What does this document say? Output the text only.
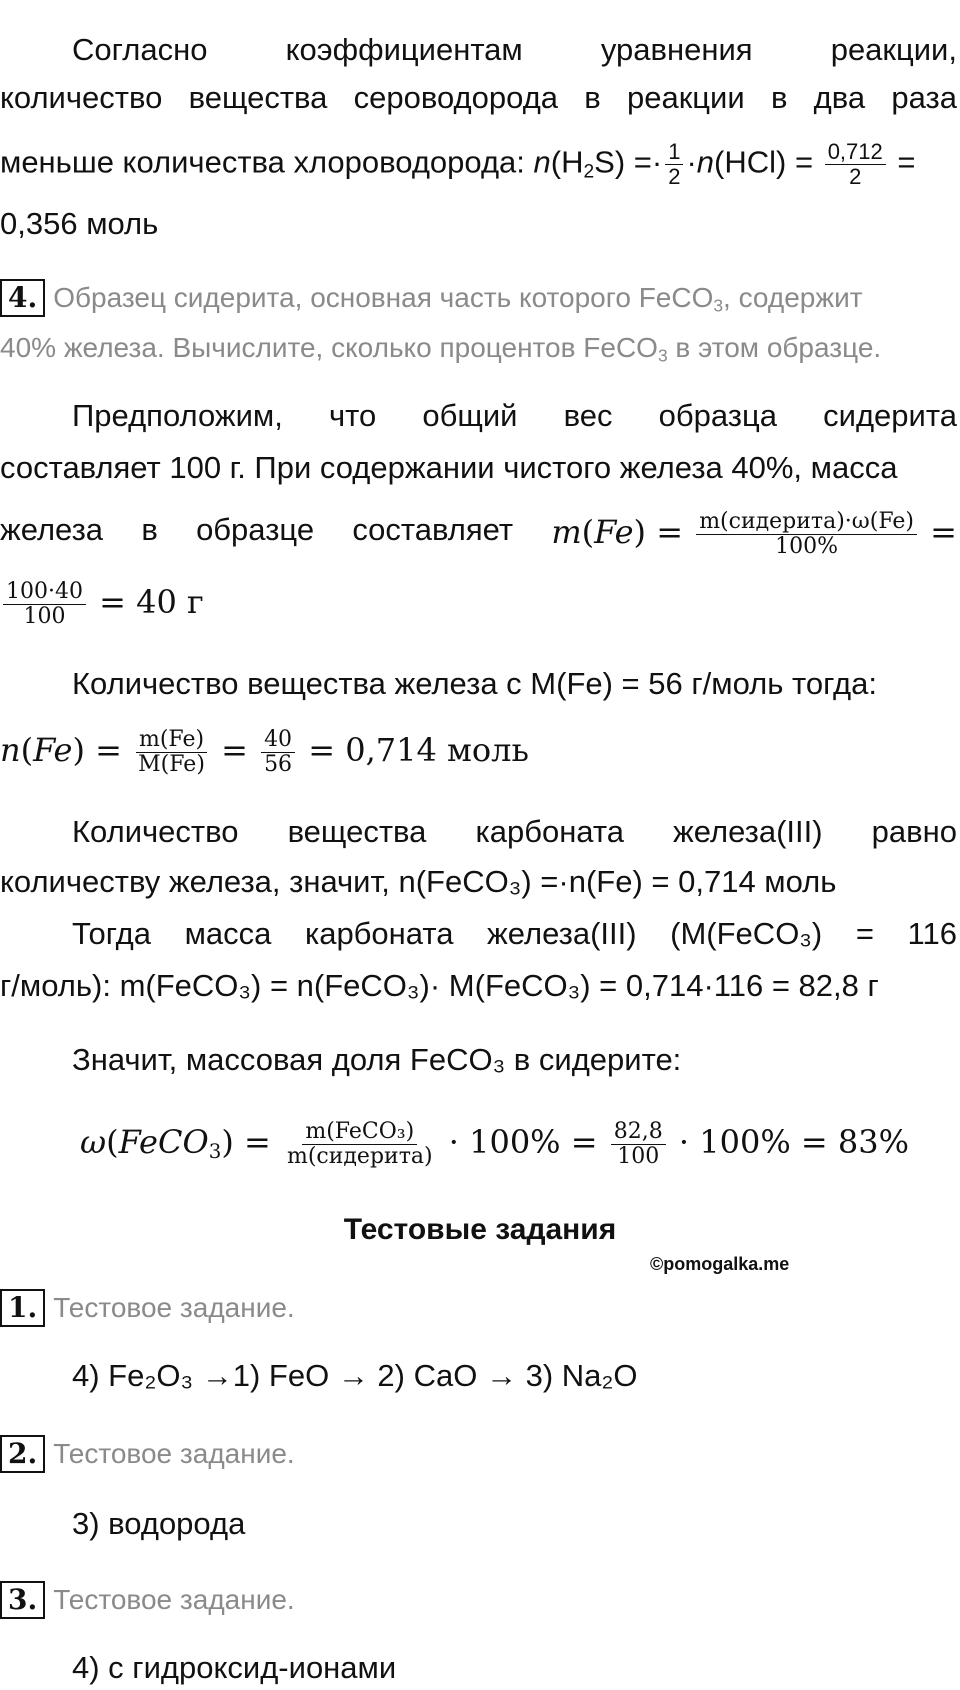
Согласно	коэффициентам	уравнения	реакции,
количество вещества сероводорода в реакции в два раза
меньше количества хлороводорода: $n(H_2S) =\cdot \frac{1}{2} \cdot n(HCl) = \frac{0,712}{2}$ =
0,356 моль
4. Образец сидерита, основная часть которого FeCO$_3$, содержит
40% железа. Вычислите, сколько процентов FeCO$_3$ в этом образце.
Предположим, что общий вес образца сидерита
составляет 100 г. При содержании чистого железа 40%, масса
железа в образце составляет $m(Fe) = \frac{\text{m(сидерита)·ω(Fe)}}{100\%}$ =
$\frac{100\cdot 40}{100} = 40$ г
Количество вещества железа с M(Fe) = 56 г/моль тогда:
$n(Fe) = \frac{m(Fe)}{M(Fe)} = \frac{40}{56} = 0,714$ моль
Количество вещества карбоната железа(III) равно
количеству железа, значит, n(FeCO₃) =·n(Fe) = 0,714 моль
Тогда масса карбоната железа(III) (M(FeCO₃) = 116
г/моль): m(FeCO₃) = n(FeCO₃)· M(FeCO₃) = 0,714·116 = 82,8 г
Значит, массовая доля FeCO₃ в сидерите:
ω(FeCO$_3$) = $\frac{\text{m(FeCO₃)}}{\text{m(сидерита)}} \cdot 100\% = \frac{82,8}{100} \cdot 100\% = 83\%$
Тестовые задания
©pomogalka.me
1. Тестовое задание.
4) Fe₂O₃ →1) FeO → 2) CaO → 3) Na₂O
2. Тестовое задание.
3) водорода
3. Тестовое задание.
4) с гидроксид-ионами
